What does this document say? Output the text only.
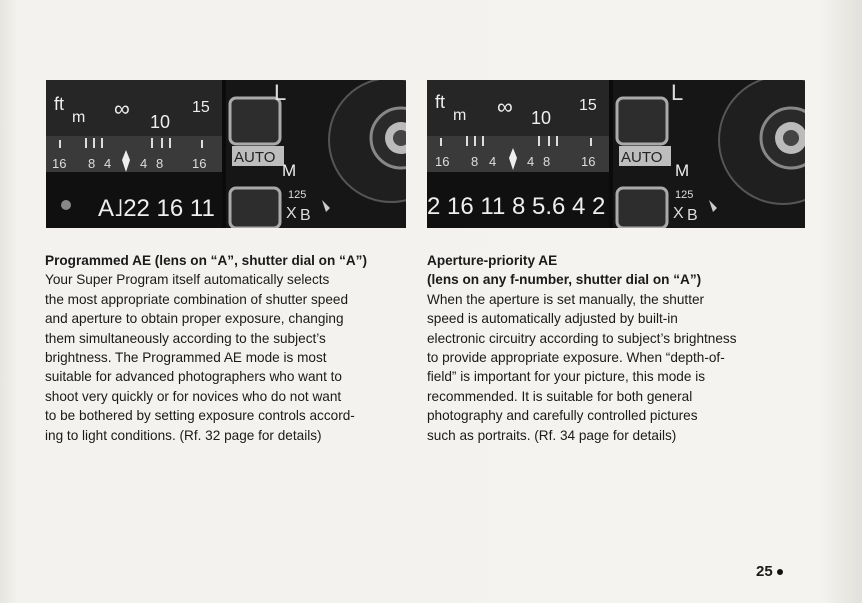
ft
m ∞
10
15
16 8 4 4 8 16
A˩22 16 11
L
AUTO
M
125
X B
ft
m ∞ 10
15
16 8 4 4 8 16
2 16 11 8 5.6 4 2
L
AUTO
M
125
X B
Programmed AE (lens on “A”, shutter dial on “A”)
Your Super Program itself automatically selects
the most appropriate combination of shutter speed
and aperture to obtain proper exposure, changing
them simultaneously according to the subject’s
brightness. The Programmed AE mode is most
suitable for advanced photographers who want to
shoot very quickly or for novices who do not want
to be bothered by setting exposure controls accord-
ing to light conditions. (Rf. 32 page for details)
Aperture-priority AE
(lens on any f-number, shutter dial on “A”)
When the aperture is set manually, the shutter
speed is automatically adjusted by built-in
electronic circuitry according to subject’s brightness
to provide appropriate exposure. When “depth-of-
field” is important for your picture, this mode is
recommended. It is suitable for both general
photography and carefully controlled pictures
such as portraits. (Rf. 34 page for details)
25
